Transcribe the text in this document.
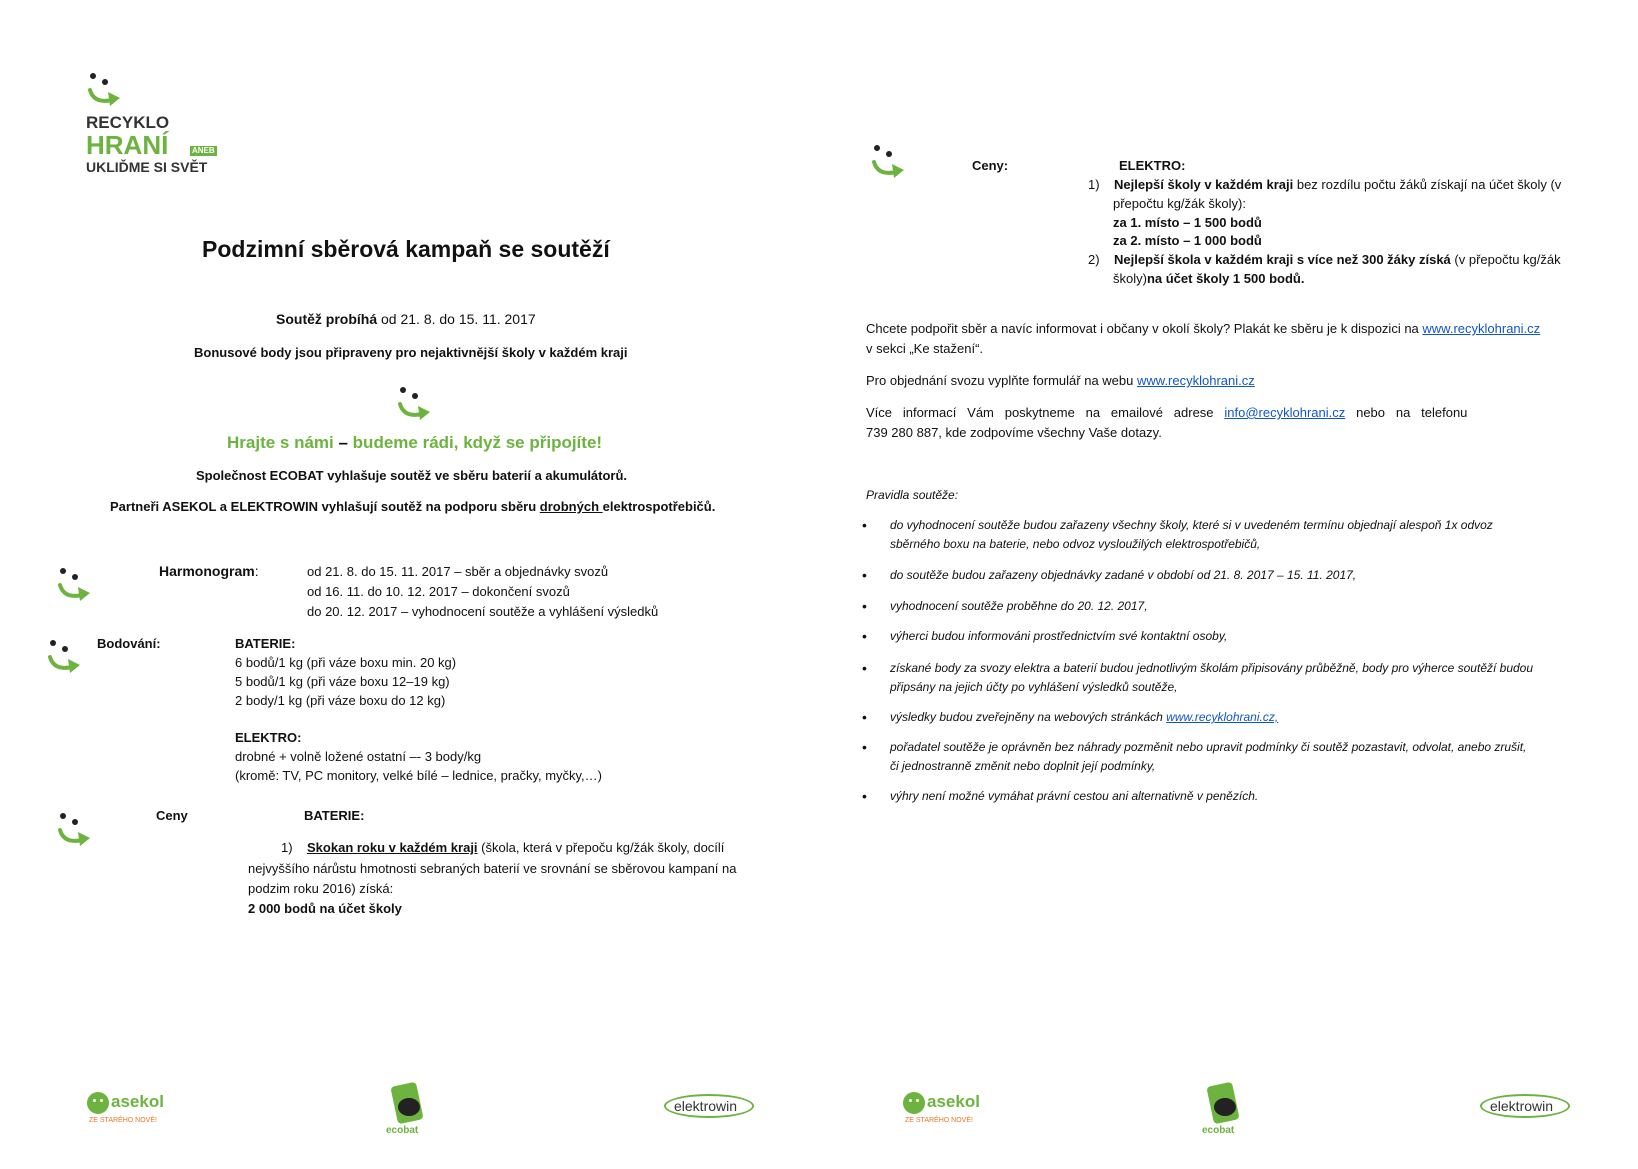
RECYKLO
HRANÍ	ANEB
UKLIĎME SI SVĚT
Podzimní sběrová kampaň se soutěží
Soutěž probíhá od 21. 8. do 15. 11. 2017
Bonusové body jsou připraveny pro nejaktivnější školy v každém kraji
Hrajte s námi – budeme rádi, když se připojíte!
Společnost ECOBAT vyhlašuje soutěž ve sběru baterií a akumulátorů.
Partneři ASEKOL a ELEKTROWIN vyhlašují soutěž na podporu sběru drobných elektrospotřebičů.
Harmonogram:	od 21. 8. do 15. 11. 2017 – sběr a objednávky svozů
od 16. 11. do 10. 12. 2017 – dokončení svozů
do 20. 12. 2017 – vyhodnocení soutěže a vyhlášení výsledků
Bodování:	BATERIE:
6 bodů/1 kg (při váze boxu min. 20 kg)
5 bodů/1 kg (při váze boxu 12–19 kg)
2 body/1 kg (při váze boxu do 12 kg)
ELEKTRO:
drobné + volně ložené ostatní –- 3 body/kg
(kromě: TV, PC monitory, velké bílé – lednice, pračky, myčky,…)
Ceny	BATERIE:
1) Skokan roku v každém kraji (škola, která v přepoču kg/žák školy, docílí
nejvyššího nárůstu hmotnosti sebraných baterií ve srovnání se sběrovou kampaní na
podzim roku 2016) získá:
2 000 bodů na účet školy
Ceny:	ELEKTRO:
1) Nejlepší školy v každém kraji bez rozdílu počtu žáků získají na účet školy (v
přepočtu kg/žák školy):
za 1. místo – 1 500 bodů
za 2. místo – 1 000 bodů
2) Nejlepší škola v každém kraji s více než 300 žáky získá (v přepočtu kg/žák
školy)na účet školy 1 500 bodů.
Chcete podpořit sběr a navíc informovat i občany v okolí školy? Plakát ke sběru je k dispozici na www.recyklohrani.cz
v sekci „Ke stažení“.
Pro objednání svozu vyplňte formulář na webu www.recyklohrani.cz
Více   informací   Vám   poskytneme   na   emailové   adrese   info@recyklohrani.cz   nebo   na   telefonu
739 280 887, kde zodpovíme všechny Vaše dotazy.
Pravidla soutěže:
• do vyhodnocení soutěže budou zařazeny všechny školy, které si v uvedeném termínu objednají alespoň 1x odvoz
sběrného boxu na baterie, nebo odvoz vysloužilých elektrospotřebičů,
• do soutěže budou zařazeny objednávky zadané v období od 21. 8. 2017 – 15. 11. 2017,
• vyhodnocení soutěže proběhne do 20. 12. 2017,
• výherci budou informováni prostřednictvím své kontaktní osoby,
• získané body za svozy elektra a baterií budou jednotlivým školám připisovány průběžně, body pro výherce soutěží budou
připsány na jejich účty po vyhlášení výsledků soutěže,
• výsledky budou zveřejněny na webových stránkách www.recyklohrani.cz,
• pořadatel soutěže je oprávněn bez náhrady pozměnit nebo upravit podmínky či soutěž pozastavit, odvolat, anebo zrušit,
či jednostranně změnit nebo doplnit její podmínky,
• výhry není možné vymáhat právní cestou ani alternativně v penězích.
asekol
ZE STARÉHO NOVÉ!
ecobat
elektrowin	asekol
ZE STARÉHO NOVÉ!
ecobat
elektrowin
